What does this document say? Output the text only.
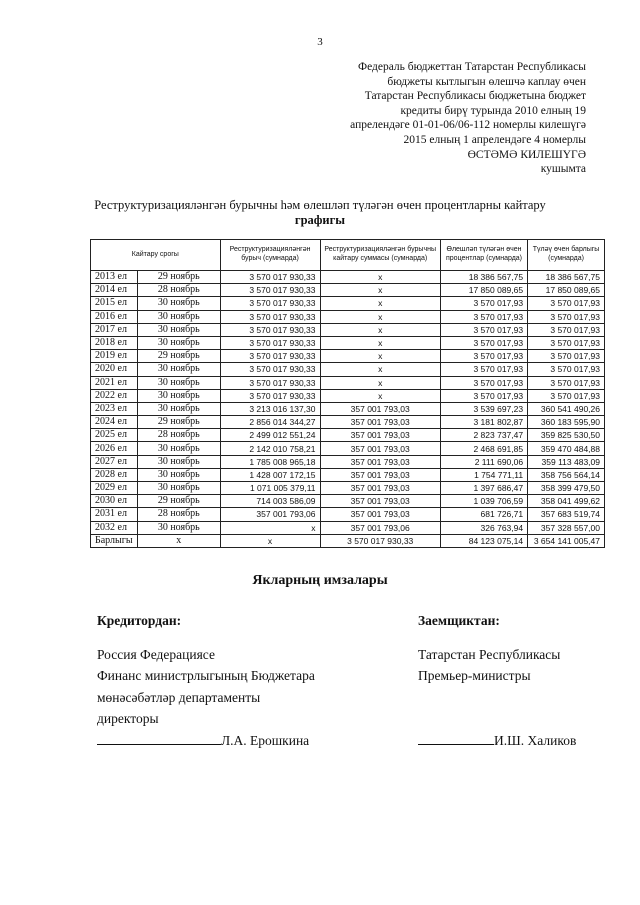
3
Федераль бюджеттан Татарстан Республикасы
бюджеты кытлыгын өлешчә каплау өчен
Татарстан Республикасы бюджетына бюджет
кредиты бирү турында 2010 елның 19
апрелендәге 01-01-06/06-112 номерлы килешүгә
2015 елның 1 апрелендәге 4 номерлы
ӨСТӘМӘ КИЛЕШҮГӘ
кушымта
Реструктуризацияләнгән бурычны һәм өлешләп түләгән өчен процентларны кайтару
графигы
Кайтару срогы		Реструктуризацияләнгән бурыч (сумнарда)	Реструктуризацияләнгән бурычны кайтару суммасы (сумнарда)	Өлешләп түләгән өчен процентлар (сумнарда)	Түләү өчен барлыгы (сумнарда)
2013 ел	29 ноябрь	3 570 017 930,33	х	18 386 567,75	18 386 567,75
2014 ел	28 ноябрь	3 570 017 930,33	х	17 850 089,65	17 850 089,65
2015 ел	30 ноябрь	3 570 017 930,33	х	3 570 017,93	3 570 017,93
2016 ел	30 ноябрь	3 570 017 930,33	х	3 570 017,93	3 570 017,93
2017 ел	30 ноябрь	3 570 017 930,33	х	3 570 017,93	3 570 017,93
2018 ел	30 ноябрь	3 570 017 930,33	х	3 570 017,93	3 570 017,93
2019 ел	29 ноябрь	3 570 017 930,33	х	3 570 017,93	3 570 017,93
2020 ел	30 ноябрь	3 570 017 930,33	х	3 570 017,93	3 570 017,93
2021 ел	30 ноябрь	3 570 017 930,33	х	3 570 017,93	3 570 017,93
2022 ел	30 ноябрь	3 570 017 930,33	х	3 570 017,93	3 570 017,93
2023 ел	30 ноябрь	3 213 016 137,30	357 001 793,03	3 539 697,23	360 541 490,26
2024 ел	29 ноябрь	2 856 014 344,27	357 001 793,03	3 181 802,87	360 183 595,90
2025 ел	28 ноябрь	2 499 012 551,24	357 001 793,03	2 823 737,47	359 825 530,50
2026 ел	30 ноябрь	2 142 010 758,21	357 001 793,03	2 468 691,85	359 470 484,88
2027 ел	30 ноябрь	1 785 008 965,18	357 001 793,03	2 111 690,06	359 113 483,09
2028 ел	30 ноябрь	1 428 007 172,15	357 001 793,03	1 754 771,11	358 756 564,14
2029 ел	30 ноябрь	1 071 005 379,11	357 001 793,03	1 397 686,47	358 399 479,50
2030 ел	29 ноябрь	714 003 586,09	357 001 793,03	1 039 706,59	358 041 499,62
2031 ел	28 ноябрь	357 001 793,06	357 001 793,03	681 726,71	357 683 519,74
2032 ел	30 ноябрь	х	357 001 793,06	326 763,94	357 328 557,00
Барлыгы	х	х	3 570 017 930,33	84 123 075,14	3 654 141 005,47
Якларның имзалары
Кредитордан:
Россия Федерациясе
Финанс министрлыгының Бюджетара
мөнәсәбәтләр департаменты
директоры
Л.А. Ерошкина
Заемщиктан:
Татарстан Республикасы
Премьер-министры
И.Ш. Халиков
